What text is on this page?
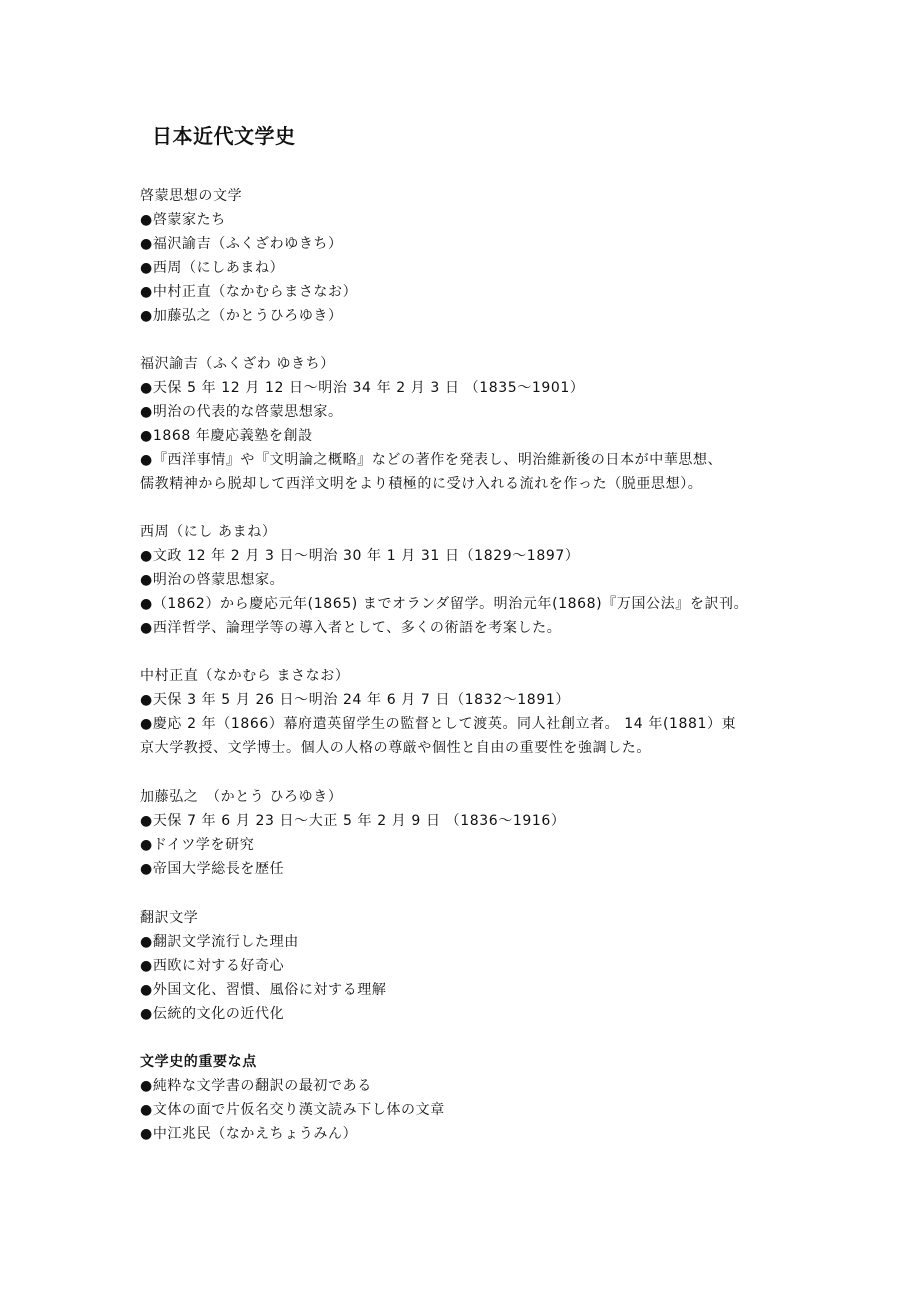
日本近代文学史
啓蒙思想の文学
●啓蒙家たち
●福沢諭吉（ふくざわゆきち）
●西周（にしあまね）
●中村正直（なかむらまさなお）
●加藤弘之（かとうひろゆき）
福沢諭吉（ふくざわ ゆきち）
●天保 5 年 12 月 12 日～明治 34 年 2 月 3 日 （1835～1901）
●明治の代表的な啓蒙思想家。
●1868 年慶応義塾を創設
●『西洋事情』や『文明論之概略』などの著作を発表し、明治維新後の日本が中華思想、
儒教精神から脱却して西洋文明をより積極的に受け入れる流れを作った（脱亜思想）。
西周（にし あまね）
●文政 12 年 2 月 3 日～明治 30 年 1 月 31 日（1829～1897）
●明治の啓蒙思想家。
●（1862）から慶応元年(1865) までオランダ留学。明治元年(1868)『万国公法』を訳刊。
●西洋哲学、論理学等の導入者として、多くの術語を考案した。
中村正直（なかむら まさなお）
●天保 3 年 5 月 26 日～明治 24 年 6 月 7 日（1832～1891）
●慶応 2 年（1866）幕府遣英留学生の監督として渡英。同人社創立者。 14 年(1881）東
京大学教授、文学博士。個人の人格の尊厳や個性と自由の重要性を強調した。
加藤弘之　（かとう ひろゆき）
●天保 7 年 6 月 23 日～大正 5 年 2 月 9 日 （1836～1916）
●ドイツ学を研究
●帝国大学総長を歴任
翻訳文学
●翻訳文学流行した理由
●西欧に対する好奇心
●外国文化、習慣、風俗に対する理解
●伝統的文化の近代化
文学史的重要な点
●純粋な文学書の翻訳の最初である
●文体の面で片仮名交り漢文読み下し体の文章
●中江兆民（なかえちょうみん）
